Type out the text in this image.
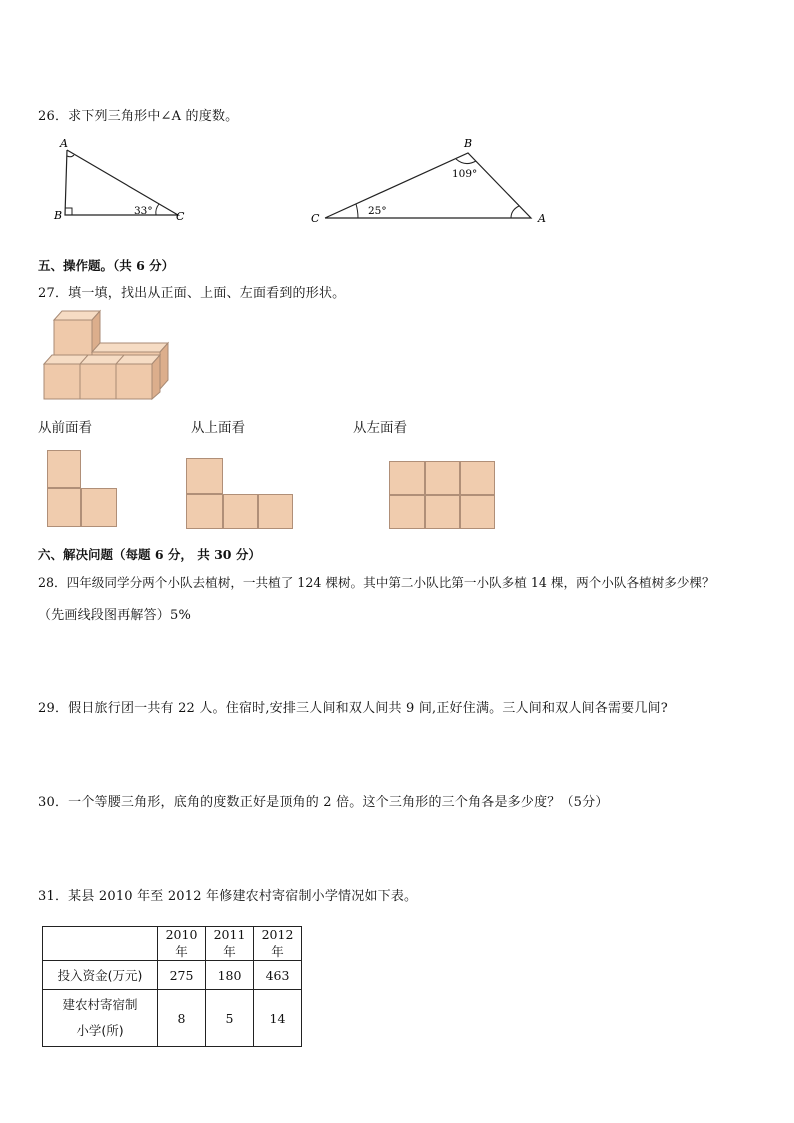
26．求下列三角形中∠A 的度数。
A
B	C
33°
B
C	A
109°
25°
五、操作题。（共 6 分）
27．填一填，找出从正面、上面、左面看到的形状。
从前面看	从上面看	从左面看
六、解决问题（每题 6 分， 共 30 分）
28．四年级同学分两个小队去植树，一共植了 124 棵树。其中第二小队比第一小队多植 14 棵，两个小队各植树多少棵？
（先画线段图再解答）5%
29．假日旅行团一共有 22 人。住宿时,安排三人间和双人间共 9 间,正好住满。三人间和双人间各需要几间?
30．一个等腰三角形，底角的度数正好是顶角的 2 倍。这个三角形的三个角各是多少度？（5分）
31．某县 2010 年至 2012 年修建农村寄宿制小学情况如下表。
	2010 年	2011 年	2012 年
投入资金(万元)	275	180	463

建农村寄宿制
小学(所)	8	5	14
